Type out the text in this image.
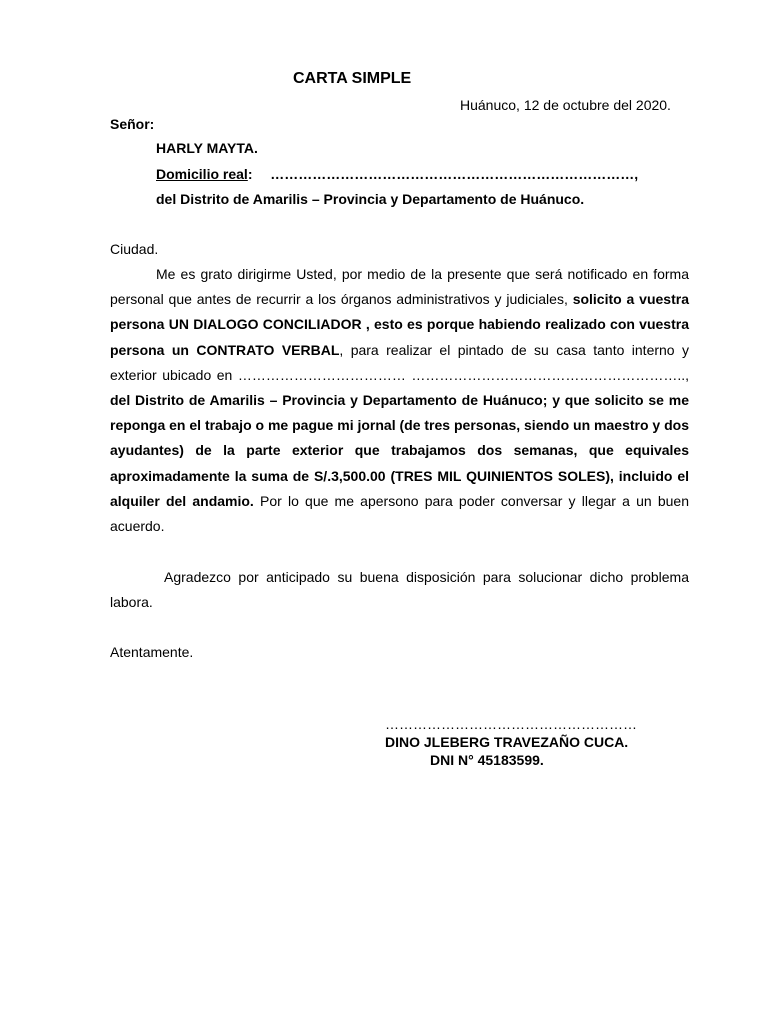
CARTA SIMPLE
Huánuco, 12 de octubre del 2020.
Señor:
HARLY MAYTA.
Domicilio real: ……………………………………………………………………,
del Distrito de Amarilis – Provincia y Departamento de Huánuco.
Ciudad.
Me es grato dirigirme Usted, por medio de la presente que será notificado en forma personal que antes de recurrir a los órganos administrativos y judiciales, solicito a vuestra persona UN DIALOGO CONCILIADOR , esto es porque habiendo realizado con vuestra persona un CONTRATO VERBAL, para realizar el pintado de su casa tanto interno y exterior ubicado en ……………………………… ………………………………………………….., del Distrito de Amarilis – Provincia y Departamento de Huánuco; y que solicito se me reponga en el trabajo o me pague mi jornal (de tres personas, siendo un maestro y dos ayudantes) de la parte exterior que trabajamos dos semanas, que equivales aproximadamente la suma de S/.3,500.00 (TRES MIL QUINIENTOS SOLES), incluido el alquiler del andamio. Por lo que me apersono para poder conversar y llegar a un buen acuerdo.
Agradezco por anticipado su buena disposición para solucionar dicho problema labora.
Atentamente.
………………………………………………
DINO JLEBERG TRAVEZAÑO CUCA.
DNI N° 45183599.
